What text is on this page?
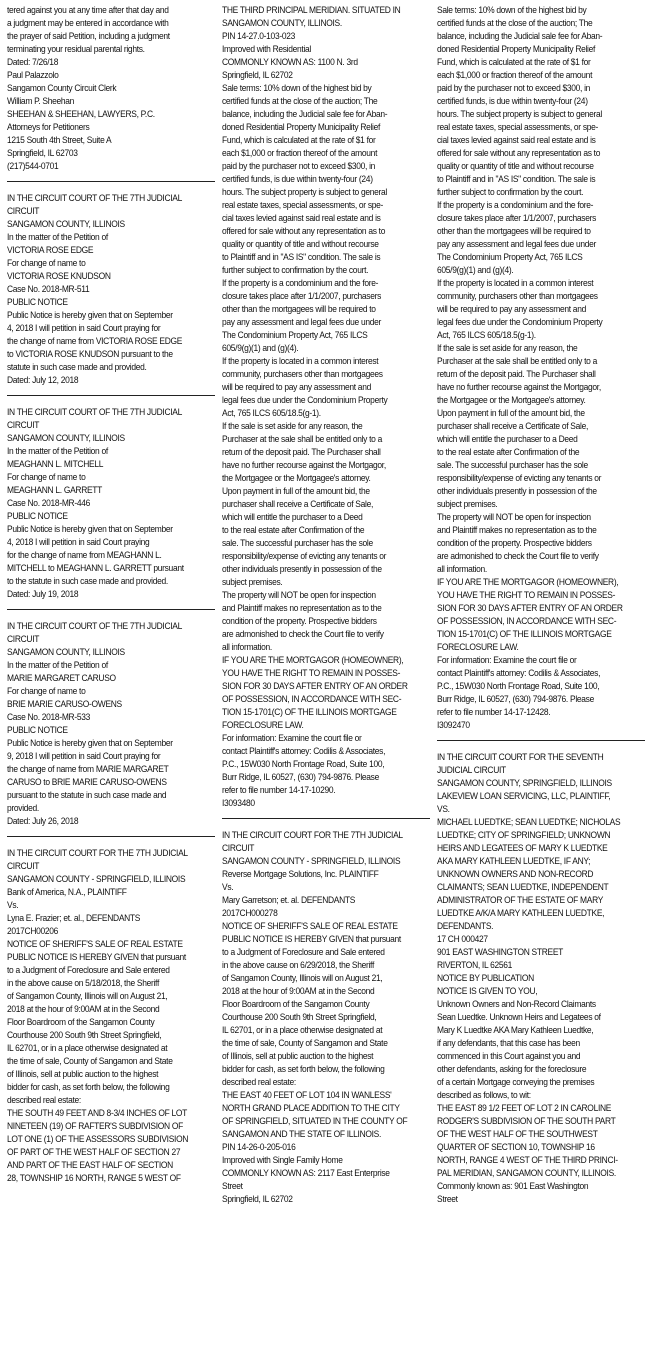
tered against you at any time after that day and
a judgment may be entered in accordance with
the prayer of said Petition, including a judgment
terminating your residual parental rights.
Dated: 7/26/18
Paul Palazzolo
Sangamon County Circuit Clerk
William P. Sheehan
SHEEHAN & SHEEHAN, LAWYERS, P.C.
Attorneys for Petitioners
1215 South 4th Street, Suite A
Springfield, IL 62703
(217)544-0701
IN THE CIRCUIT COURT OF THE 7TH JUDICIAL
CIRCUIT
SANGAMON COUNTY, ILLINOIS
In the matter of the Petition of
VICTORIA ROSE EDGE
For change of name to
VICTORIA ROSE KNUDSON
Case No. 2018-MR-511
PUBLIC NOTICE
Public Notice is hereby given that on September
4, 2018 I will petition in said Court praying for
the change of name from VICTORIA ROSE EDGE
to VICTORIA ROSE KNUDSON pursuant to the
statute in such case made and provided.
Dated: July 12, 2018
IN THE CIRCUIT COURT OF THE 7TH JUDICIAL
CIRCUIT
SANGAMON COUNTY, ILLINOIS
In the matter of the Petition of
MEAGHANN L. MITCHELL
For change of name to
MEAGHANN L. GARRETT
Case No. 2018-MR-446
PUBLIC NOTICE
Public Notice is hereby given that on September
4, 2018 I will petition in said Court praying
for the change of name from MEAGHANN L.
MITCHELL to MEAGHANN L. GARRETT pursuant
to the statute in such case made and provided.
Dated: July 19, 2018
IN THE CIRCUIT COURT OF THE 7TH JUDICIAL
CIRCUIT
SANGAMON COUNTY, ILLINOIS
In the matter of the Petition of
MARIE MARGARET CARUSO
For change of name to
BRIE MARIE CARUSO-OWENS
Case No. 2018-MR-533
PUBLIC NOTICE
Public Notice is hereby given that on September
9, 2018 I will petition in said Court praying for
the change of name from MARIE MARGARET
CARUSO to BRIE MARIE CARUSO-OWENS
pursuant to the statute in such case made and
provided.
Dated: July 26, 2018
IN THE CIRCUIT COURT FOR THE 7TH JUDICIAL
CIRCUIT
SANGAMON COUNTY - SPRINGFIELD, ILLINOIS
Bank of America, N.A., PLAINTIFF
Vs.
Lyna E. Frazier; et. al., DEFENDANTS
2017CH00206
NOTICE OF SHERIFF'S SALE OF REAL ESTATE
PUBLIC NOTICE IS HEREBY GIVEN that pursuant
to a Judgment of Foreclosure and Sale entered
in the above cause on 5/18/2018, the Sheriff
of Sangamon County, Illinois will on August 21,
2018 at the hour of 9:00AM at in the Second
Floor Boardroom of the Sangamon County
Courthouse 200 South 9th Street Springfield,
IL 62701, or in a place otherwise designated at
the time of sale, County of Sangamon and State
of Illinois, sell at public auction to the highest
bidder for cash, as set forth below, the following
described real estate:
THE SOUTH 49 FEET AND 8-3/4 INCHES OF LOT
NINETEEN (19) OF RAFTER'S SUBDIVISION OF
LOT ONE (1) OF THE ASSESSORS SUBDIVISION
OF PART OF THE WEST HALF OF SECTION 27
AND PART OF THE EAST HALF OF SECTION
28, TOWNSHIP 16 NORTH, RANGE 5 WEST OF
THE THIRD PRINCIPAL MERIDIAN. SITUATED IN
SANGAMON COUNTY, ILLINOIS.
PIN 14-27.0-103-023
Improved with Residential
COMMONLY KNOWN AS: 1100 N. 3rd
Springfield, IL 62702
Sale terms: 10% down of the highest bid by
certified funds at the close of the auction; The
balance, including the Judicial sale fee for Aban-
doned Residential Property Municipality Relief
Fund, which is calculated at the rate of $1 for
each $1,000 or fraction thereof of the amount
paid by the purchaser not to exceed $300, in
certified funds, is due within twenty-four (24)
hours. The subject property is subject to general
real estate taxes, special assessments, or spe-
cial taxes levied against said real estate and is
offered for sale without any representation as to
quality or quantity of title and without recourse
to Plaintiff and in "AS IS" condition. The sale is
further subject to confirmation by the court.
If the property is a condominium and the fore-
closure takes place after 1/1/2007, purchasers
other than the mortgagees will be required to
pay any assessment and legal fees due under
The Condominium Property Act, 765 ILCS
605/9(g)(1) and (g)(4).
If the property is located in a common interest
community, purchasers other than mortgagees
will be required to pay any assessment and
legal fees due under the Condominium Property
Act, 765 ILCS 605/18.5(g-1).
If the sale is set aside for any reason, the
Purchaser at the sale shall be entitled only to a
return of the deposit paid. The Purchaser shall
have no further recourse against the Mortgagor,
the Mortgagee or the Mortgagee's attorney.
Upon payment in full of the amount bid, the
purchaser shall receive a Certificate of Sale,
which will entitle the purchaser to a Deed
to the real estate after Confirmation of the
sale. The successful purchaser has the sole
responsibility/expense of evicting any tenants or
other individuals presently in possession of the
subject premises.
The property will NOT be open for inspection
and Plaintiff makes no representation as to the
condition of the property. Prospective bidders
are admonished to check the Court file to verify
all information.
IF YOU ARE THE MORTGAGOR (HOMEOWNER),
YOU HAVE THE RIGHT TO REMAIN IN POSSES-
SION FOR 30 DAYS AFTER ENTRY OF AN ORDER
OF POSSESSION, IN ACCORDANCE WITH SEC-
TION 15-1701(C) OF THE ILLINOIS MORTGAGE
FORECLOSURE LAW.
For information: Examine the court file or
contact Plaintiff's attorney: Codilis & Associates,
P.C., 15W030 North Frontage Road, Suite 100,
Burr Ridge, IL 60527, (630) 794-9876. Please
refer to file number 14-17-10290.
I3093480
IN THE CIRCUIT COURT FOR THE 7TH JUDICIAL
CIRCUIT
SANGAMON COUNTY - SPRINGFIELD, ILLINOIS
Reverse Mortgage Solutions, Inc. PLAINTIFF
Vs.
Mary Garretson; et. al. DEFENDANTS
2017CH000278
NOTICE OF SHERIFF'S SALE OF REAL ESTATE
PUBLIC NOTICE IS HEREBY GIVEN that pursuant
to a Judgment of Foreclosure and Sale entered
in the above cause on 6/29/2018, the Sheriff
of Sangamon County, Illinois will on August 21,
2018 at the hour of 9:00AM at in the Second
Floor Boardroom of the Sangamon County
Courthouse 200 South 9th Street Springfield,
IL 62701, or in a place otherwise designated at
the time of sale, County of Sangamon and State
of Illinois, sell at public auction to the highest
bidder for cash, as set forth below, the following
described real estate:
THE EAST 40 FEET OF LOT 104 IN WANLESS'
NORTH GRAND PLACE ADDITION TO THE CITY
OF SPRINGFIELD, SITUATED IN THE COUNTY OF
SANGAMON AND THE STATE OF ILLINOIS.
PIN 14-26-0-205-016
Improved with Single Family Home
COMMONLY KNOWN AS: 2117 East Enterprise
Street
Springfield, IL 62702
Sale terms: 10% down of the highest bid by
certified funds at the close of the auction; The
balance, including the Judicial sale fee for Aban-
doned Residential Property Municipality Relief
Fund, which is calculated at the rate of $1 for
each $1,000 or fraction thereof of the amount
paid by the purchaser not to exceed $300, in
certified funds, is due within twenty-four (24)
hours. The subject property is subject to general
real estate taxes, special assessments, or spe-
cial taxes levied against said real estate and is
offered for sale without any representation as to
quality or quantity of title and without recourse
to Plaintiff and in "AS IS" condition. The sale is
further subject to confirmation by the court.
If the property is a condominium and the fore-
closure takes place after 1/1/2007, purchasers
other than the mortgagees will be required to
pay any assessment and legal fees due under
The Condominium Property Act, 765 ILCS
605/9(g)(1) and (g)(4).
If the property is located in a common interest
community, purchasers other than mortgagees
will be required to pay any assessment and
legal fees due under the Condominium Property
Act, 765 ILCS 605/18.5(g-1).
If the sale is set aside for any reason, the
Purchaser at the sale shall be entitled only to a
return of the deposit paid. The Purchaser shall
have no further recourse against the Mortgagor,
the Mortgagee or the Mortgagee's attorney.
Upon payment in full of the amount bid, the
purchaser shall receive a Certificate of Sale,
which will entitle the purchaser to a Deed
to the real estate after Confirmation of the
sale. The successful purchaser has the sole
responsibility/expense of evicting any tenants or
other individuals presently in possession of the
subject premises.
The property will NOT be open for inspection
and Plaintiff makes no representation as to the
condition of the property. Prospective bidders
are admonished to check the Court file to verify
all information.
IF YOU ARE THE MORTGAGOR (HOMEOWNER),
YOU HAVE THE RIGHT TO REMAIN IN POSSES-
SION FOR 30 DAYS AFTER ENTRY OF AN ORDER
OF POSSESSION, IN ACCORDANCE WITH SEC-
TION 15-1701(C) OF THE ILLINOIS MORTGAGE
FORECLOSURE LAW.
For information: Examine the court file or
contact Plaintiff's attorney: Codilis & Associates,
P.C., 15W030 North Frontage Road, Suite 100,
Burr Ridge, IL 60527, (630) 794-9876. Please
refer to file number 14-17-12428.
I3092470
IN THE CIRCUIT COURT FOR THE SEVENTH
JUDICIAL CIRCUIT
SANGAMON COUNTY, SPRINGFIELD, ILLINOIS
LAKEVIEW LOAN SERVICING, LLC, PLAINTIFF,
VS.
MICHAEL LUEDTKE; SEAN LUEDTKE; NICHOLAS
LUEDTKE; CITY OF SPRINGFIELD; UNKNOWN
HEIRS AND LEGATEES OF MARY K LUEDTKE
AKA MARY KATHLEEN LUEDTKE, IF ANY;
UNKNOWN OWNERS AND NON-RECORD
CLAIMANTS; SEAN LUEDTKE, INDEPENDENT
ADMINISTRATOR OF THE ESTATE OF MARY
LUEDTKE A/K/A MARY KATHLEEN LUEDTKE,
DEFENDANTS.
17 CH 000427
901 EAST WASHINGTON STREET
RIVERTON, IL 62561
NOTICE BY PUBLICATION
NOTICE IS GIVEN TO YOU,
Unknown Owners and Non-Record Claimants
Sean Luedtke. Unknown Heirs and Legatees of
Mary K Luedtke AKA Mary Kathleen Luedtke,
if any defendants, that this case has been
commenced in this Court against you and
other defendants, asking for the foreclosure
of a certain Mortgage conveying the premises
described as follows, to wit:
THE EAST 89 1/2 FEET OF LOT 2 IN CAROLINE
RODGER'S SUBDIVISION OF THE SOUTH PART
OF THE WEST HALF OF THE SOUTHWEST
QUARTER OF SECTION 10, TOWNSHIP 16
NORTH, RANGE 4 WEST OF THE THIRD PRINCI-
PAL MERIDIAN, SANGAMON COUNTY, ILLINOIS.
Commonly known as: 901 East Washington
Street
